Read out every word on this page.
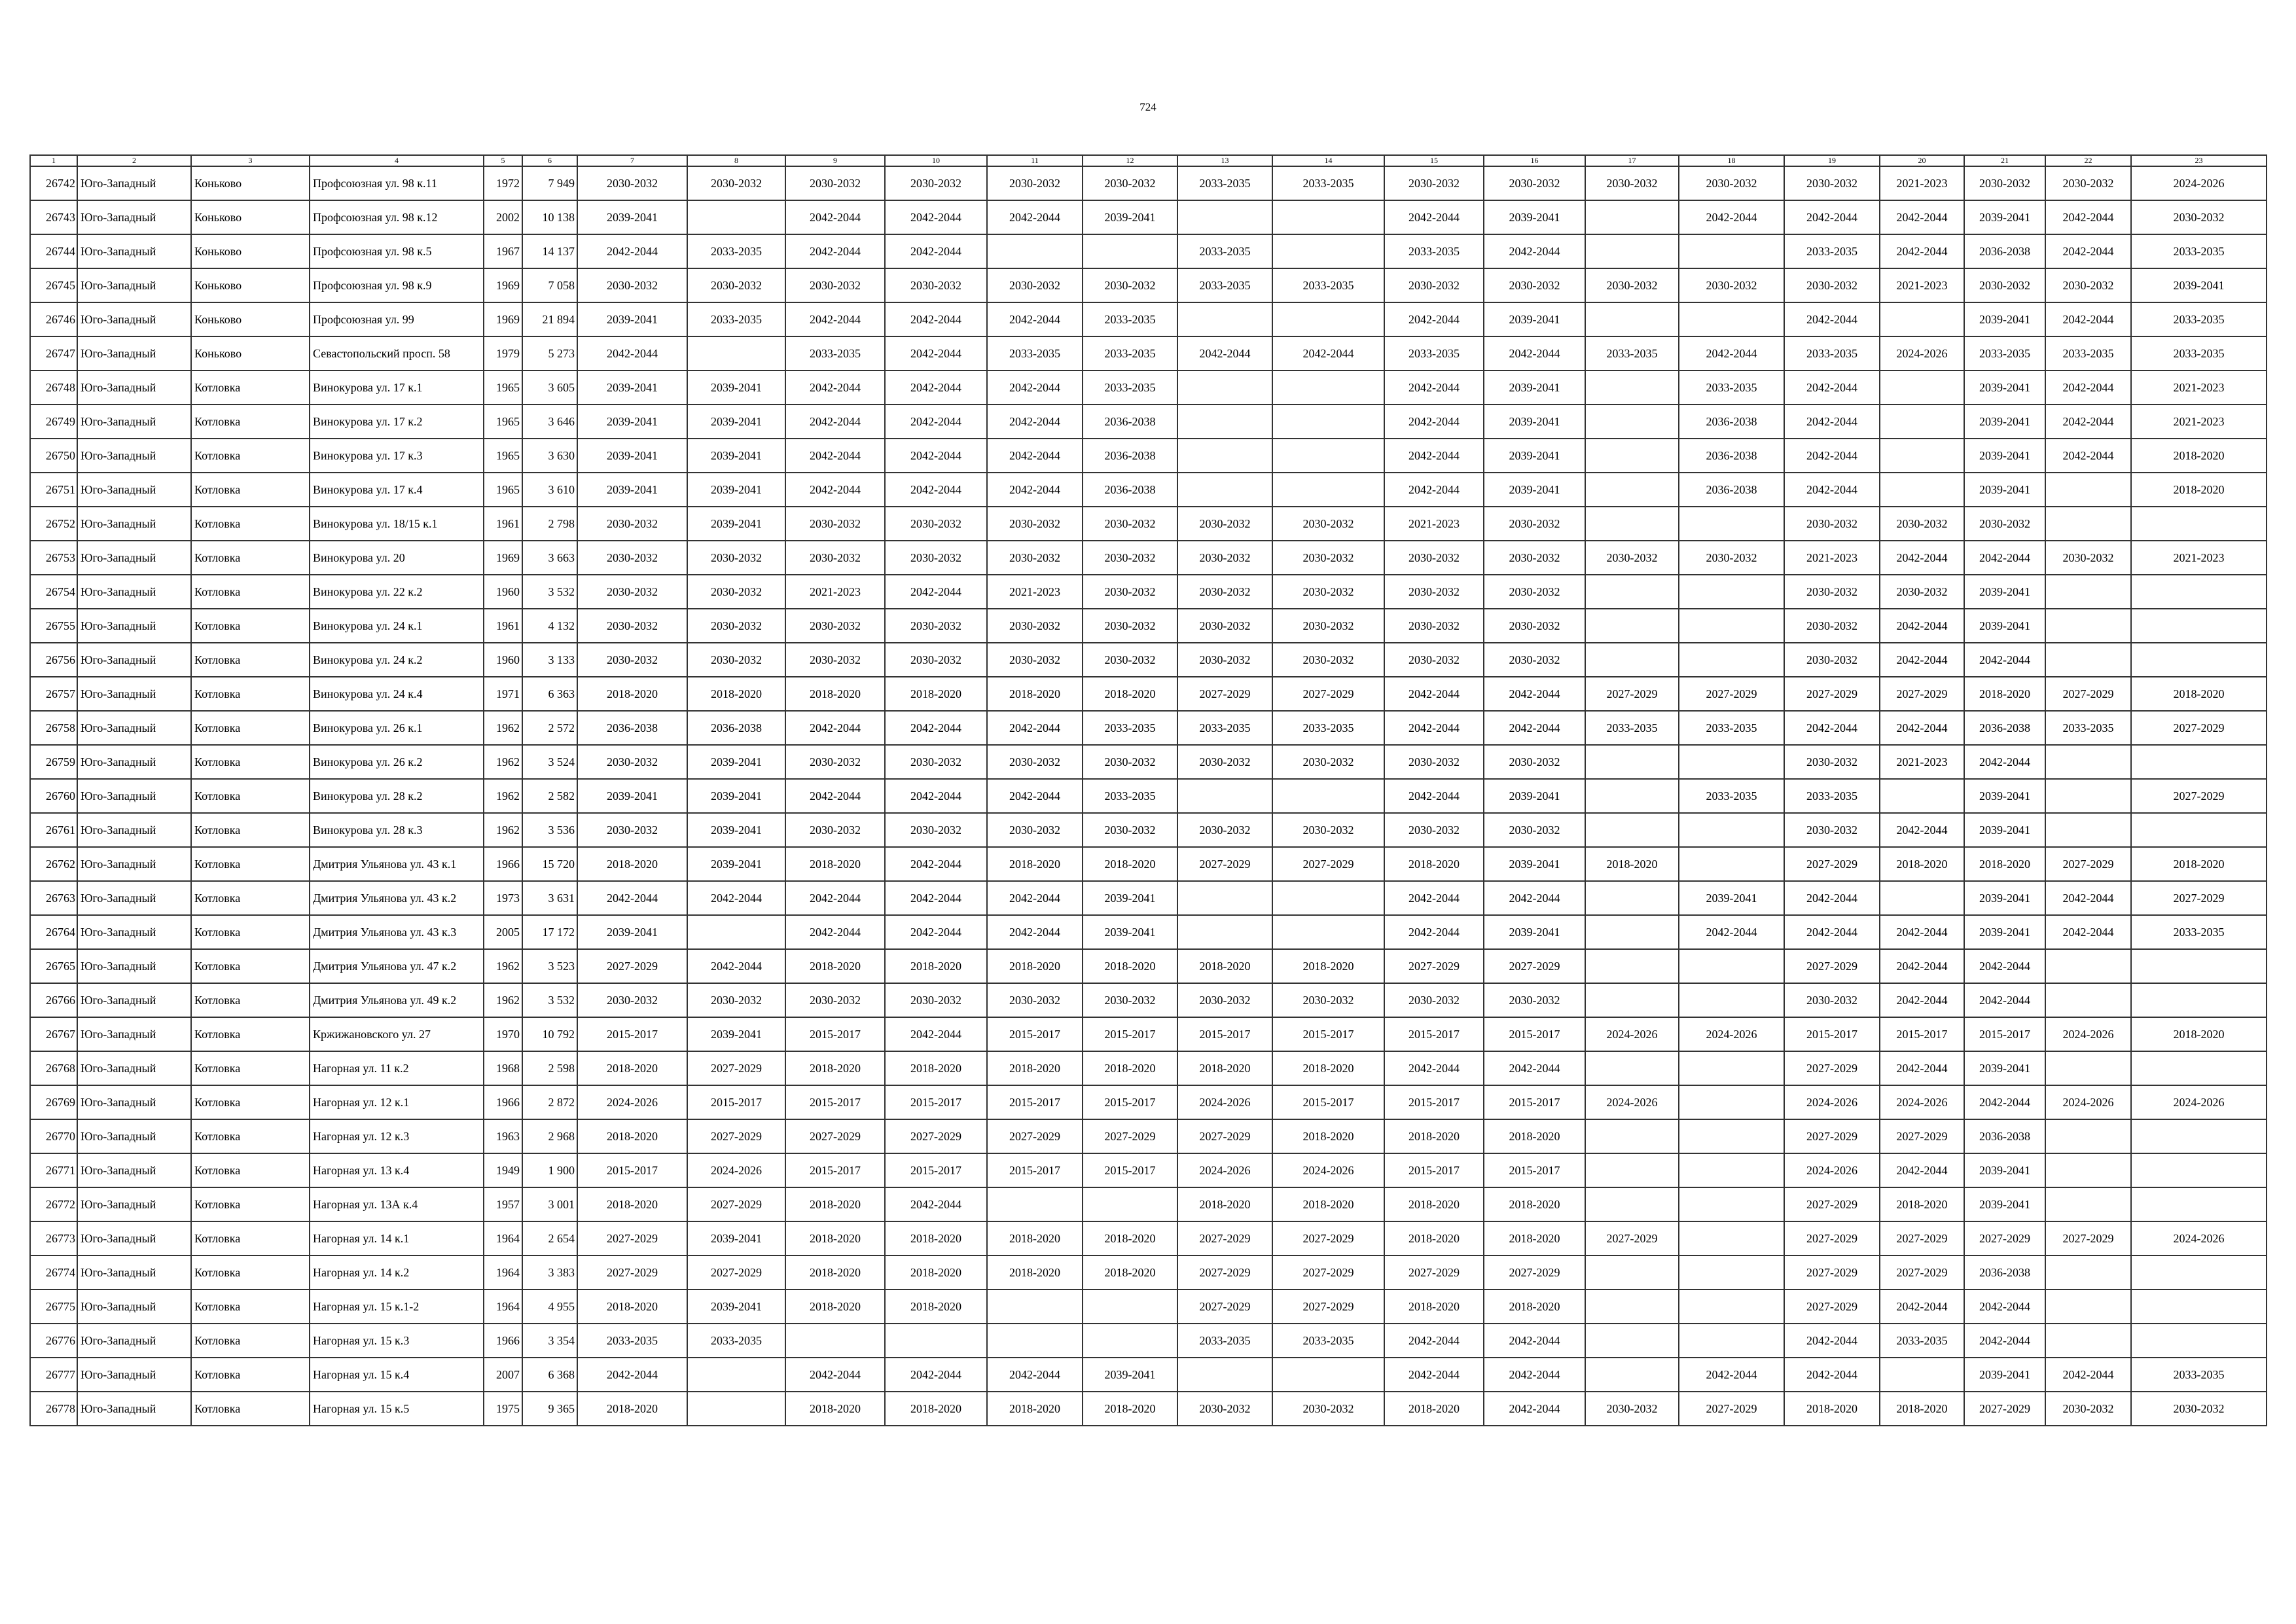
724
1	2	3	4	5	6	7	8	9	10	11	12	13	14	15	16	17	18	19	20	21	22	23
26742	Юго-Западный	Коньково	Профсоюзная ул. 98 к.11	1972	7 949	2030-2032	2030-2032	2030-2032	2030-2032	2030-2032	2030-2032	2033-2035	2033-2035	2030-2032	2030-2032	2030-2032	2030-2032	2030-2032	2021-2023	2030-2032	2030-2032	2024-2026
26743	Юго-Западный	Коньково	Профсоюзная ул. 98 к.12	2002	10 138	2039-2041		2042-2044	2042-2044	2042-2044	2039-2041			2042-2044	2039-2041		2042-2044	2042-2044	2042-2044	2039-2041	2042-2044	2030-2032
26744	Юго-Западный	Коньково	Профсоюзная ул. 98 к.5	1967	14 137	2042-2044	2033-2035	2042-2044	2042-2044			2033-2035		2033-2035	2042-2044			2033-2035	2042-2044	2036-2038	2042-2044	2033-2035
26745	Юго-Западный	Коньково	Профсоюзная ул. 98 к.9	1969	7 058	2030-2032	2030-2032	2030-2032	2030-2032	2030-2032	2030-2032	2033-2035	2033-2035	2030-2032	2030-2032	2030-2032	2030-2032	2030-2032	2021-2023	2030-2032	2030-2032	2039-2041
26746	Юго-Западный	Коньково	Профсоюзная ул. 99	1969	21 894	2039-2041	2033-2035	2042-2044	2042-2044	2042-2044	2033-2035			2042-2044	2039-2041			2042-2044		2039-2041	2042-2044	2033-2035
26747	Юго-Западный	Коньково	Севастопольский просп. 58	1979	5 273	2042-2044		2033-2035	2042-2044	2033-2035	2033-2035	2042-2044	2042-2044	2033-2035	2042-2044	2033-2035	2042-2044	2033-2035	2024-2026	2033-2035	2033-2035	2033-2035
26748	Юго-Западный	Котловка	Винокурова ул. 17 к.1	1965	3 605	2039-2041	2039-2041	2042-2044	2042-2044	2042-2044	2033-2035			2042-2044	2039-2041		2033-2035	2042-2044		2039-2041	2042-2044	2021-2023
26749	Юго-Западный	Котловка	Винокурова ул. 17 к.2	1965	3 646	2039-2041	2039-2041	2042-2044	2042-2044	2042-2044	2036-2038			2042-2044	2039-2041		2036-2038	2042-2044		2039-2041	2042-2044	2021-2023
26750	Юго-Западный	Котловка	Винокурова ул. 17 к.3	1965	3 630	2039-2041	2039-2041	2042-2044	2042-2044	2042-2044	2036-2038			2042-2044	2039-2041		2036-2038	2042-2044		2039-2041	2042-2044	2018-2020
26751	Юго-Западный	Котловка	Винокурова ул. 17 к.4	1965	3 610	2039-2041	2039-2041	2042-2044	2042-2044	2042-2044	2036-2038			2042-2044	2039-2041		2036-2038	2042-2044		2039-2041		2018-2020
26752	Юго-Западный	Котловка	Винокурова ул. 18/15 к.1	1961	2 798	2030-2032	2039-2041	2030-2032	2030-2032	2030-2032	2030-2032	2030-2032	2030-2032	2021-2023	2030-2032			2030-2032	2030-2032	2030-2032		
26753	Юго-Западный	Котловка	Винокурова ул. 20	1969	3 663	2030-2032	2030-2032	2030-2032	2030-2032	2030-2032	2030-2032	2030-2032	2030-2032	2030-2032	2030-2032	2030-2032	2030-2032	2021-2023	2042-2044	2042-2044	2030-2032	2021-2023
26754	Юго-Западный	Котловка	Винокурова ул. 22 к.2	1960	3 532	2030-2032	2030-2032	2021-2023	2042-2044	2021-2023	2030-2032	2030-2032	2030-2032	2030-2032	2030-2032			2030-2032	2030-2032	2039-2041		
26755	Юго-Западный	Котловка	Винокурова ул. 24 к.1	1961	4 132	2030-2032	2030-2032	2030-2032	2030-2032	2030-2032	2030-2032	2030-2032	2030-2032	2030-2032	2030-2032			2030-2032	2042-2044	2039-2041		
26756	Юго-Западный	Котловка	Винокурова ул. 24 к.2	1960	3 133	2030-2032	2030-2032	2030-2032	2030-2032	2030-2032	2030-2032	2030-2032	2030-2032	2030-2032	2030-2032			2030-2032	2042-2044	2042-2044		
26757	Юго-Западный	Котловка	Винокурова ул. 24 к.4	1971	6 363	2018-2020	2018-2020	2018-2020	2018-2020	2018-2020	2018-2020	2027-2029	2027-2029	2042-2044	2042-2044	2027-2029	2027-2029	2027-2029	2027-2029	2018-2020	2027-2029	2018-2020
26758	Юго-Западный	Котловка	Винокурова ул. 26 к.1	1962	2 572	2036-2038	2036-2038	2042-2044	2042-2044	2042-2044	2033-2035	2033-2035	2033-2035	2042-2044	2042-2044	2033-2035	2033-2035	2042-2044	2042-2044	2036-2038	2033-2035	2027-2029
26759	Юго-Западный	Котловка	Винокурова ул. 26 к.2	1962	3 524	2030-2032	2039-2041	2030-2032	2030-2032	2030-2032	2030-2032	2030-2032	2030-2032	2030-2032	2030-2032			2030-2032	2021-2023	2042-2044		
26760	Юго-Западный	Котловка	Винокурова ул. 28 к.2	1962	2 582	2039-2041	2039-2041	2042-2044	2042-2044	2042-2044	2033-2035			2042-2044	2039-2041		2033-2035	2033-2035		2039-2041		2027-2029
26761	Юго-Западный	Котловка	Винокурова ул. 28 к.3	1962	3 536	2030-2032	2039-2041	2030-2032	2030-2032	2030-2032	2030-2032	2030-2032	2030-2032	2030-2032	2030-2032			2030-2032	2042-2044	2039-2041		
26762	Юго-Западный	Котловка	Дмитрия Ульянова ул. 43 к.1	1966	15 720	2018-2020	2039-2041	2018-2020	2042-2044	2018-2020	2018-2020	2027-2029	2027-2029	2018-2020	2039-2041	2018-2020		2027-2029	2018-2020	2018-2020	2027-2029	2018-2020
26763	Юго-Западный	Котловка	Дмитрия Ульянова ул. 43 к.2	1973	3 631	2042-2044	2042-2044	2042-2044	2042-2044	2042-2044	2039-2041			2042-2044	2042-2044		2039-2041	2042-2044		2039-2041	2042-2044	2027-2029
26764	Юго-Западный	Котловка	Дмитрия Ульянова ул. 43 к.3	2005	17 172	2039-2041		2042-2044	2042-2044	2042-2044	2039-2041			2042-2044	2039-2041		2042-2044	2042-2044	2042-2044	2039-2041	2042-2044	2033-2035
26765	Юго-Западный	Котловка	Дмитрия Ульянова ул. 47 к.2	1962	3 523	2027-2029	2042-2044	2018-2020	2018-2020	2018-2020	2018-2020	2018-2020	2018-2020	2027-2029	2027-2029			2027-2029	2042-2044	2042-2044		
26766	Юго-Западный	Котловка	Дмитрия Ульянова ул. 49 к.2	1962	3 532	2030-2032	2030-2032	2030-2032	2030-2032	2030-2032	2030-2032	2030-2032	2030-2032	2030-2032	2030-2032			2030-2032	2042-2044	2042-2044		
26767	Юго-Западный	Котловка	Кржижановского ул. 27	1970	10 792	2015-2017	2039-2041	2015-2017	2042-2044	2015-2017	2015-2017	2015-2017	2015-2017	2015-2017	2015-2017	2024-2026	2024-2026	2015-2017	2015-2017	2015-2017	2024-2026	2018-2020
26768	Юго-Западный	Котловка	Нагорная ул. 11 к.2	1968	2 598	2018-2020	2027-2029	2018-2020	2018-2020	2018-2020	2018-2020	2018-2020	2018-2020	2042-2044	2042-2044			2027-2029	2042-2044	2039-2041		
26769	Юго-Западный	Котловка	Нагорная ул. 12 к.1	1966	2 872	2024-2026	2015-2017	2015-2017	2015-2017	2015-2017	2015-2017	2024-2026	2015-2017	2015-2017	2015-2017	2024-2026		2024-2026	2024-2026	2042-2044	2024-2026	2024-2026
26770	Юго-Западный	Котловка	Нагорная ул. 12 к.3	1963	2 968	2018-2020	2027-2029	2027-2029	2027-2029	2027-2029	2027-2029	2027-2029	2018-2020	2018-2020	2018-2020			2027-2029	2027-2029	2036-2038		
26771	Юго-Западный	Котловка	Нагорная ул. 13 к.4	1949	1 900	2015-2017	2024-2026	2015-2017	2015-2017	2015-2017	2015-2017	2024-2026	2024-2026	2015-2017	2015-2017			2024-2026	2042-2044	2039-2041		
26772	Юго-Западный	Котловка	Нагорная ул. 13А к.4	1957	3 001	2018-2020	2027-2029	2018-2020	2042-2044			2018-2020	2018-2020	2018-2020	2018-2020			2027-2029	2018-2020	2039-2041		
26773	Юго-Западный	Котловка	Нагорная ул. 14 к.1	1964	2 654	2027-2029	2039-2041	2018-2020	2018-2020	2018-2020	2018-2020	2027-2029	2027-2029	2018-2020	2018-2020	2027-2029		2027-2029	2027-2029	2027-2029	2027-2029	2024-2026
26774	Юго-Западный	Котловка	Нагорная ул. 14 к.2	1964	3 383	2027-2029	2027-2029	2018-2020	2018-2020	2018-2020	2018-2020	2027-2029	2027-2029	2027-2029	2027-2029			2027-2029	2027-2029	2036-2038		
26775	Юго-Западный	Котловка	Нагорная ул. 15 к.1-2	1964	4 955	2018-2020	2039-2041	2018-2020	2018-2020			2027-2029	2027-2029	2018-2020	2018-2020			2027-2029	2042-2044	2042-2044		
26776	Юго-Западный	Котловка	Нагорная ул. 15 к.3	1966	3 354	2033-2035	2033-2035					2033-2035	2033-2035	2042-2044	2042-2044			2042-2044	2033-2035	2042-2044		
26777	Юго-Западный	Котловка	Нагорная ул. 15 к.4	2007	6 368	2042-2044		2042-2044	2042-2044	2042-2044	2039-2041			2042-2044	2042-2044		2042-2044	2042-2044		2039-2041	2042-2044	2033-2035
26778	Юго-Западный	Котловка	Нагорная ул. 15 к.5	1975	9 365	2018-2020		2018-2020	2018-2020	2018-2020	2018-2020	2030-2032	2030-2032	2018-2020	2042-2044	2030-2032	2027-2029	2018-2020	2018-2020	2027-2029	2030-2032	2030-2032
